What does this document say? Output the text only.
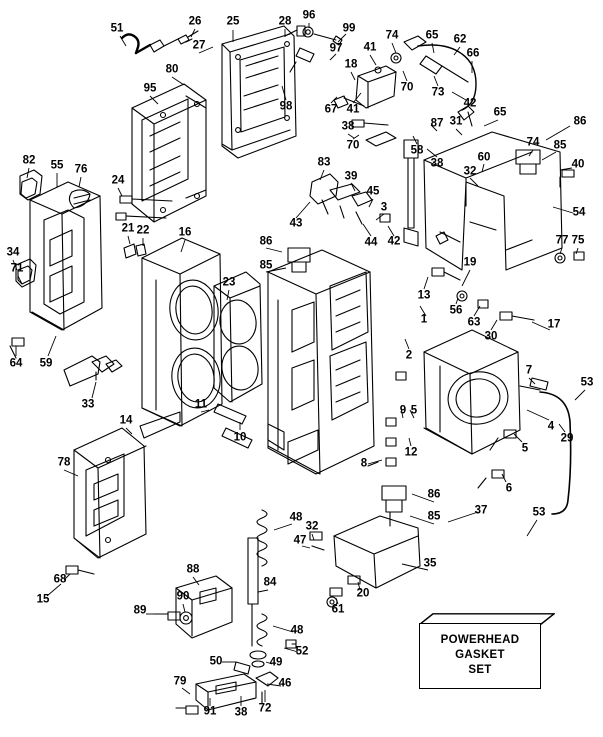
POWERHEAD
GASKET
SET
51
26 25	28 96
99
27	97
80	18
41
74 65 62
66
70 73
42
95
98	67 41
87 31
65
86
38
70	58
38
32
60
74 85
40
82 55 76
24
83
39
45
54
21 22	16
43
3
44 42	77 75
34
71
86
85
23
19
13
56
1	63
30
17
64 59
2
7
53
33	11	9 5
14
10
4
29
8
12	5
78
6
86
85	37	53
48
32
47
68
15
88
84
35
20
61
90
89
48
52
50	49
79	46
91 38 72
